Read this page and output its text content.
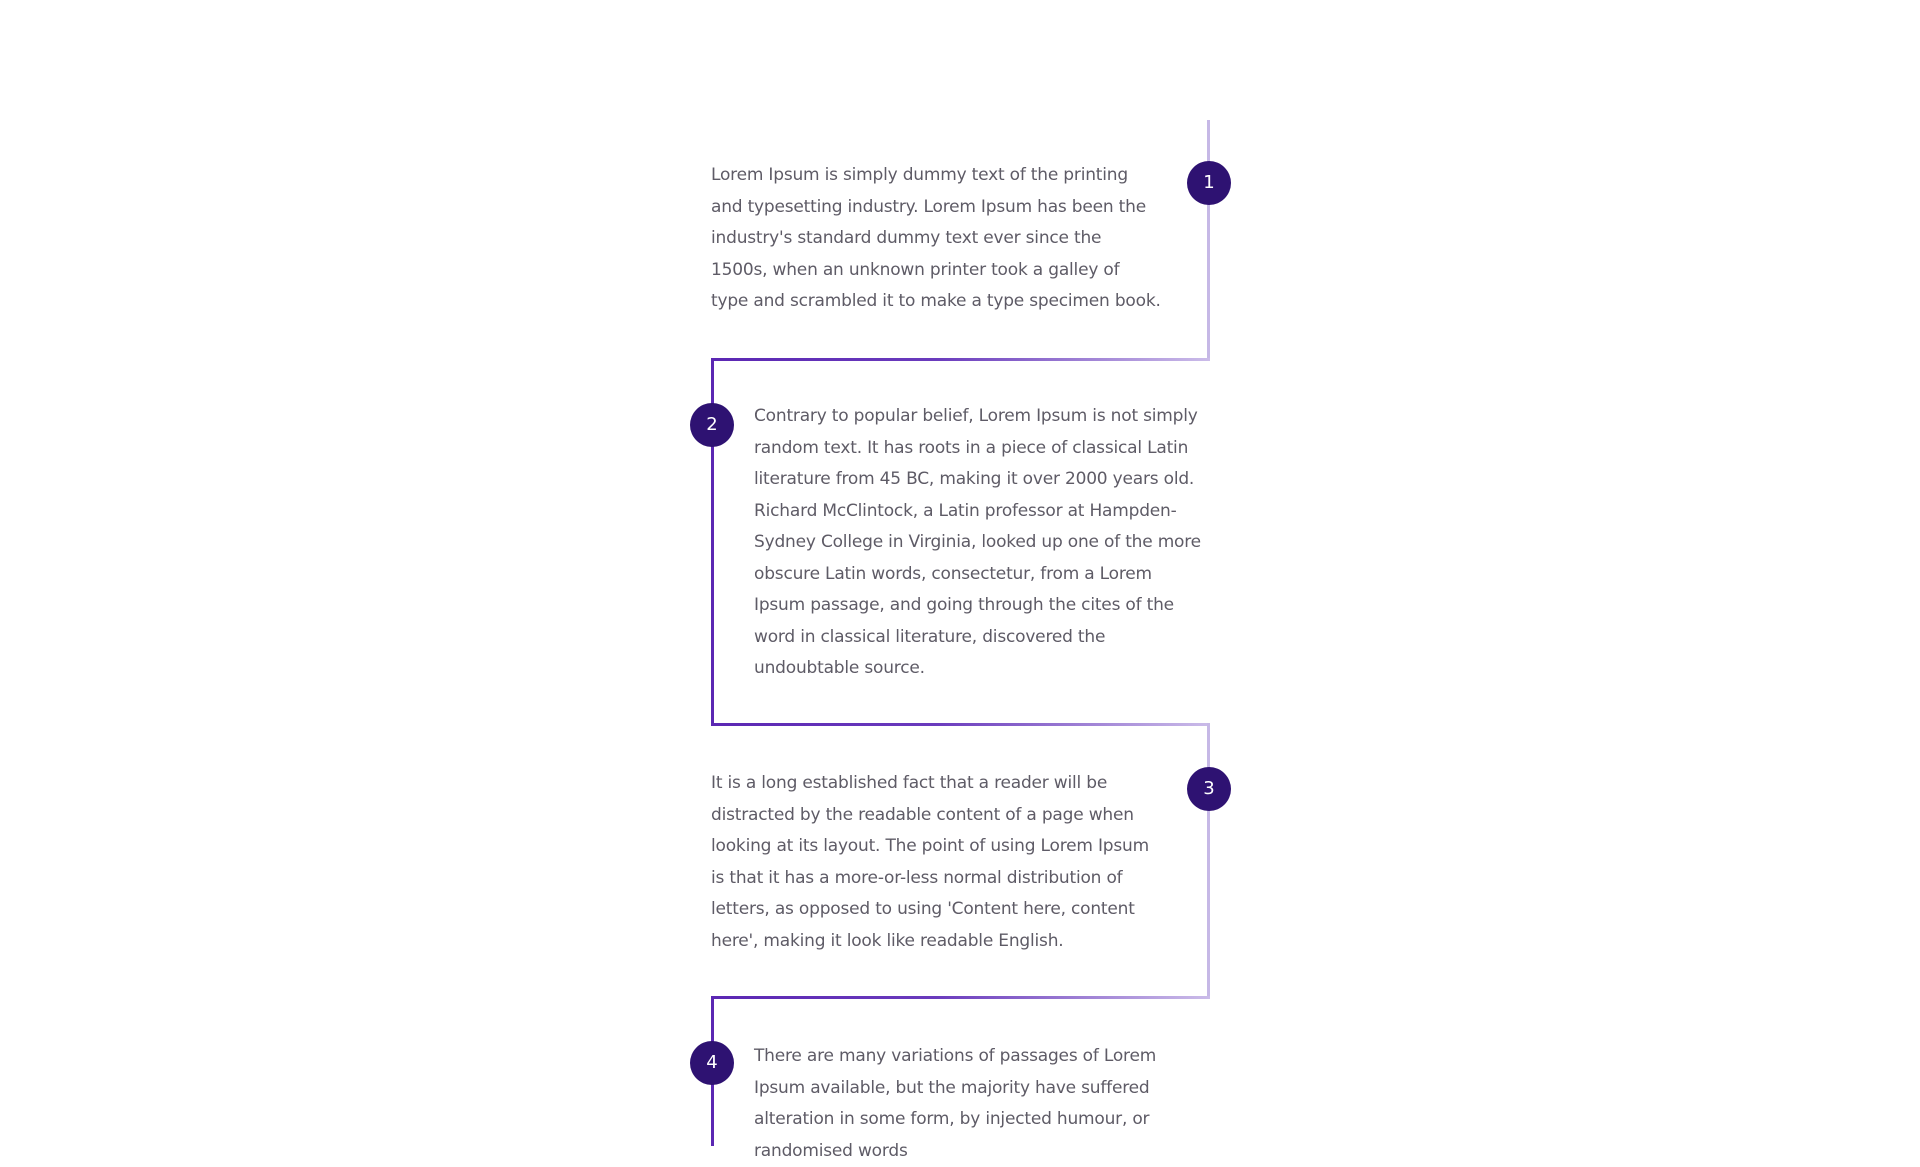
Lorem Ipsum is simply dummy text of the printing and typesetting industry. Lorem Ipsum has been the industry's standard dummy text ever since the 1500s, when an unknown printer took a galley of type and scrambled it to make a type specimen book.

1
2	Contrary to popular belief, Lorem Ipsum is not simply random text. It has roots in a piece of classical Latin literature from 45 BC, making it over 2000 years old. Richard McClintock, a Latin professor at Hampden-Sydney College in Virginia, looked up one of the more obscure Latin words, consectetur, from a Lorem Ipsum passage, and going through the cites of the word in classical literature, discovered the undoubtable source.

It is a long established fact that a reader will be distracted by the readable content of a page when looking at its layout. The point of using Lorem Ipsum is that it has a more-or-less normal distribution of letters, as opposed to using 'Content here, content here', making it look like readable English.

3
4	There are many variations of passages of Lorem Ipsum available, but the majority have suffered alteration in some form, by injected humour, or randomised words
